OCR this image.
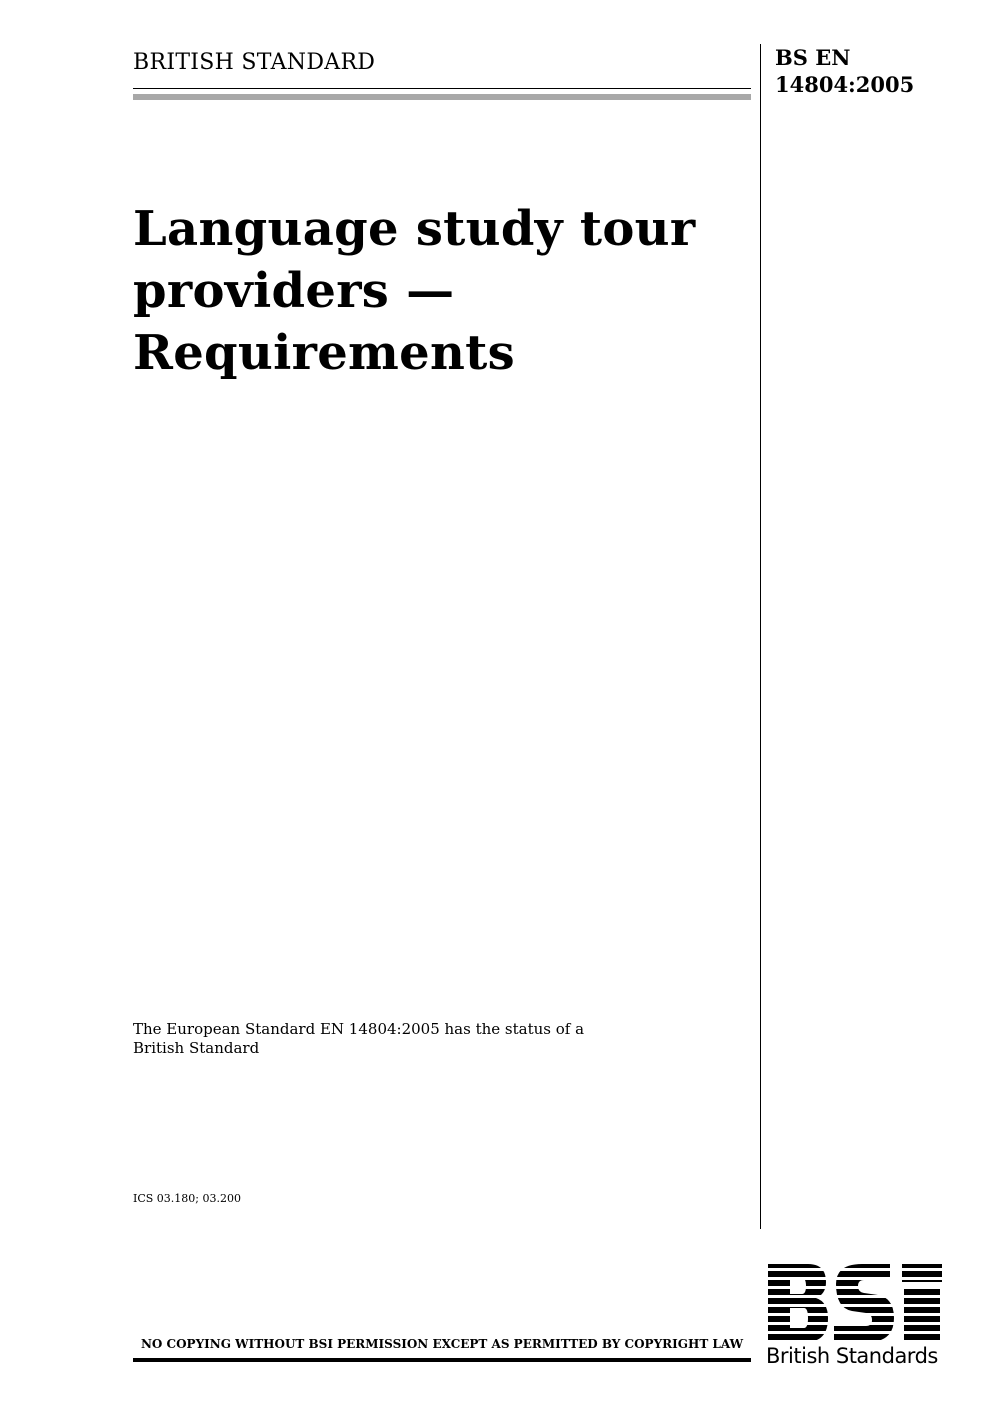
BRITISH STANDARD	BS EN
14804:2005
Language study tour
providers —
Requirements
The European Standard EN 14804:2005 has the status of a
British Standard
ICS 03.180; 03.200
NO COPYING WITHOUT BSI PERMISSION EXCEPT AS PERMITTED BY COPYRIGHT LAW	British Standards
